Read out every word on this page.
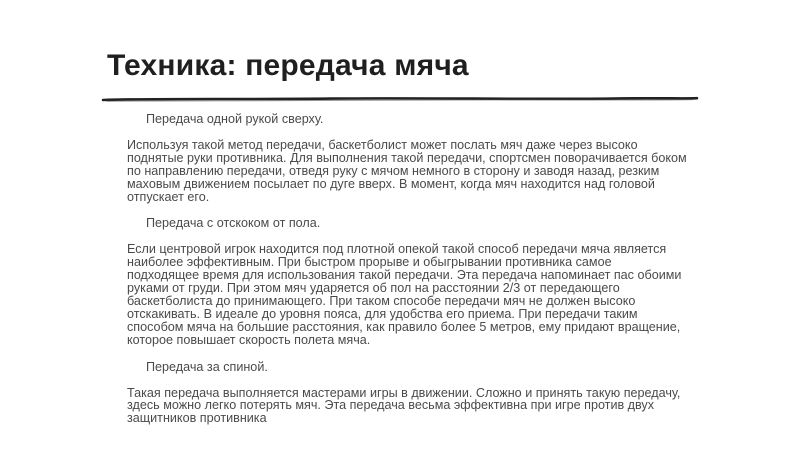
Техника: передача мяча

Передача одной рукой сверху.

Используя такой метод передачи, баскетболист может послать мяч даже через высоко поднятые руки противника. Для выполнения такой передачи, спортсмен поворачивается боком по направлению передачи, отведя руку с мячом немного в сторону и заводя назад, резким маховым движением посылает по дуге вверх. В момент, когда мяч находится над головой отпускает его.

Передача с отскоком от пола.

Если центровой игрок находится под плотной опекой такой способ передачи мяча является наиболее эффективным. При быстром прорыве и обыгрывании противника самое подходящее время для использования такой передачи. Эта передача напоминает пас обоими руками от груди. При этом мяч ударяется об пол на расстоянии 2/3 от передающего баскетболиста до принимающего. При таком способе передачи мяч не должен высоко отскакивать. В идеале до уровня пояса, для удобства его приема. При передачи таким способом мяча на большие расстояния, как правило более 5 метров, ему придают вращение, которое повышает скорость полета мяча.

Передача за спиной.

Такая передача выполняется мастерами игры в движении. Сложно и принять такую передачу, здесь можно легко потерять мяч. Эта передача весьма эффективна при игре против двух защитников противника
